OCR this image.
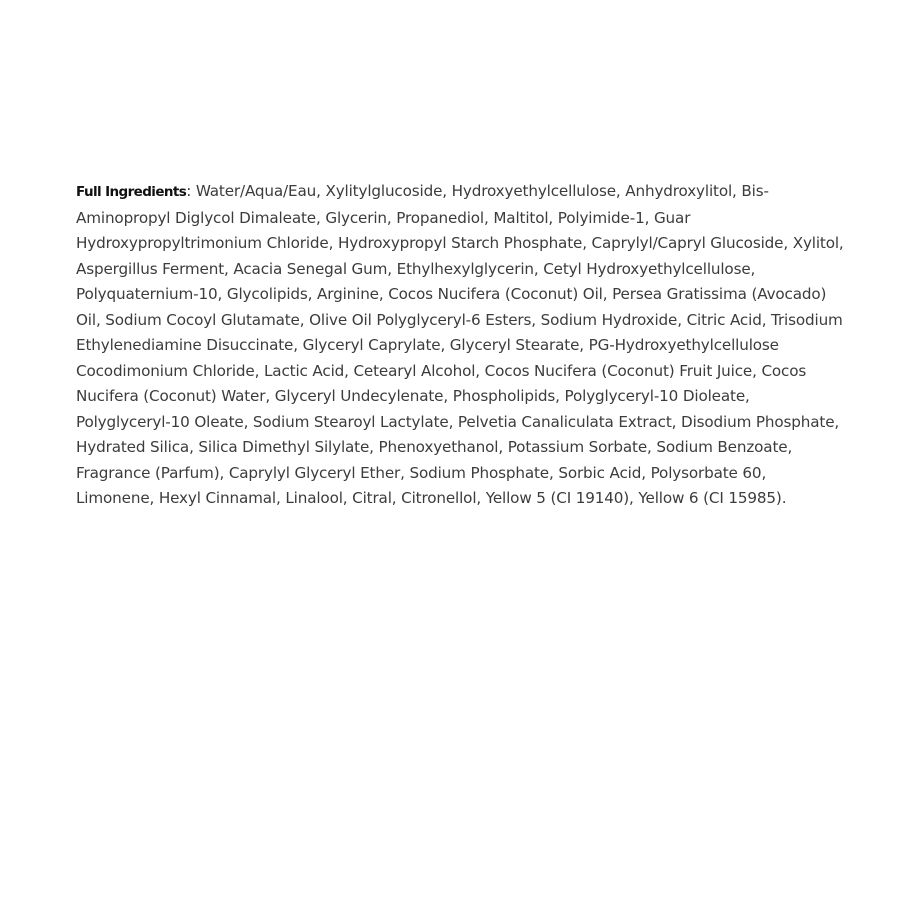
Full Ingredients: Water/Aqua/Eau, Xylitylglucoside, Hydroxyethylcellulose, Anhydroxylitol, Bis-Aminopropyl Diglycol Dimaleate, Glycerin, Propanediol, Maltitol, Polyimide-1, Guar Hydroxypropyltrimonium Chloride, Hydroxypropyl Starch Phosphate, Caprylyl/Capryl Glucoside, Xylitol, Aspergillus Ferment, Acacia Senegal Gum, Ethylhexylglycerin, Cetyl Hydroxyethylcellulose, Polyquaternium-10, Glycolipids, Arginine, Cocos Nucifera (Coconut) Oil, Persea Gratissima (Avocado) Oil, Sodium Cocoyl Glutamate, Olive Oil Polyglyceryl-6 Esters, Sodium Hydroxide, Citric Acid, Trisodium Ethylenediamine Disuccinate, Glyceryl Caprylate, Glyceryl Stearate, PG-Hydroxyethylcellulose Cocodimonium Chloride, Lactic Acid, Cetearyl Alcohol, Cocos Nucifera (Coconut) Fruit Juice, Cocos Nucifera (Coconut) Water, Glyceryl Undecylenate, Phospholipids, Polyglyceryl-10 Dioleate, Polyglyceryl-10 Oleate, Sodium Stearoyl Lactylate, Pelvetia Canaliculata Extract, Disodium Phosphate, Hydrated Silica, Silica Dimethyl Silylate, Phenoxyethanol, Potassium Sorbate, Sodium Benzoate, Fragrance (Parfum), Caprylyl Glyceryl Ether, Sodium Phosphate, Sorbic Acid, Polysorbate 60, Limonene, Hexyl Cinnamal, Linalool, Citral, Citronellol, Yellow 5 (CI 19140), Yellow 6 (CI 15985).
